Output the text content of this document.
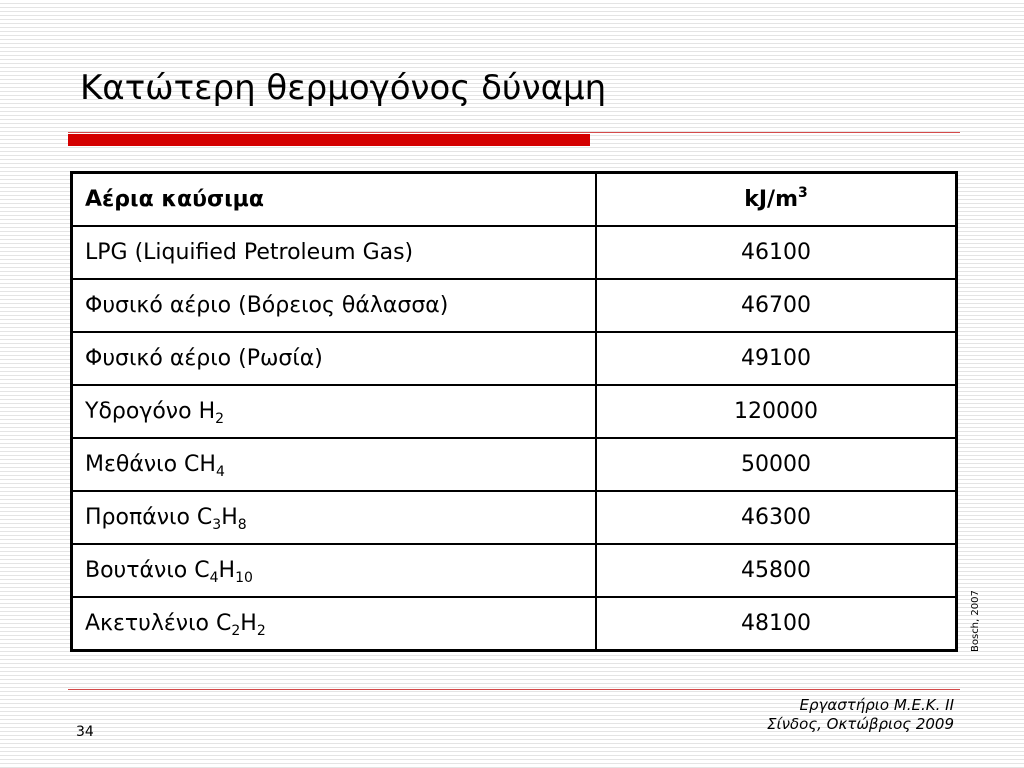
Κατώτερη θερμογόνος δύναμη
Αέρια καύσιμα	$kJ/m^3$
LPG (Liquified Petroleum Gas)	46100
Φυσικό αέριο (Βόρειος θάλασσα)	46700
Φυσικό αέριο (Ρωσία)	49100
Υδρογόνο $H_2$	120000
Μεθάνιο $CH_4$	50000
Προπάνιο $C_3H_8$	46300
Βουτάνιο $C_4H_{10}$	45800
Ακετυλένιο $C_2H_2$	48100	Bosch, 2007
Εργαστήριο Μ.Ε.Κ. ΙΙ
Σίνδος, Οκτώβριος 2009
34
